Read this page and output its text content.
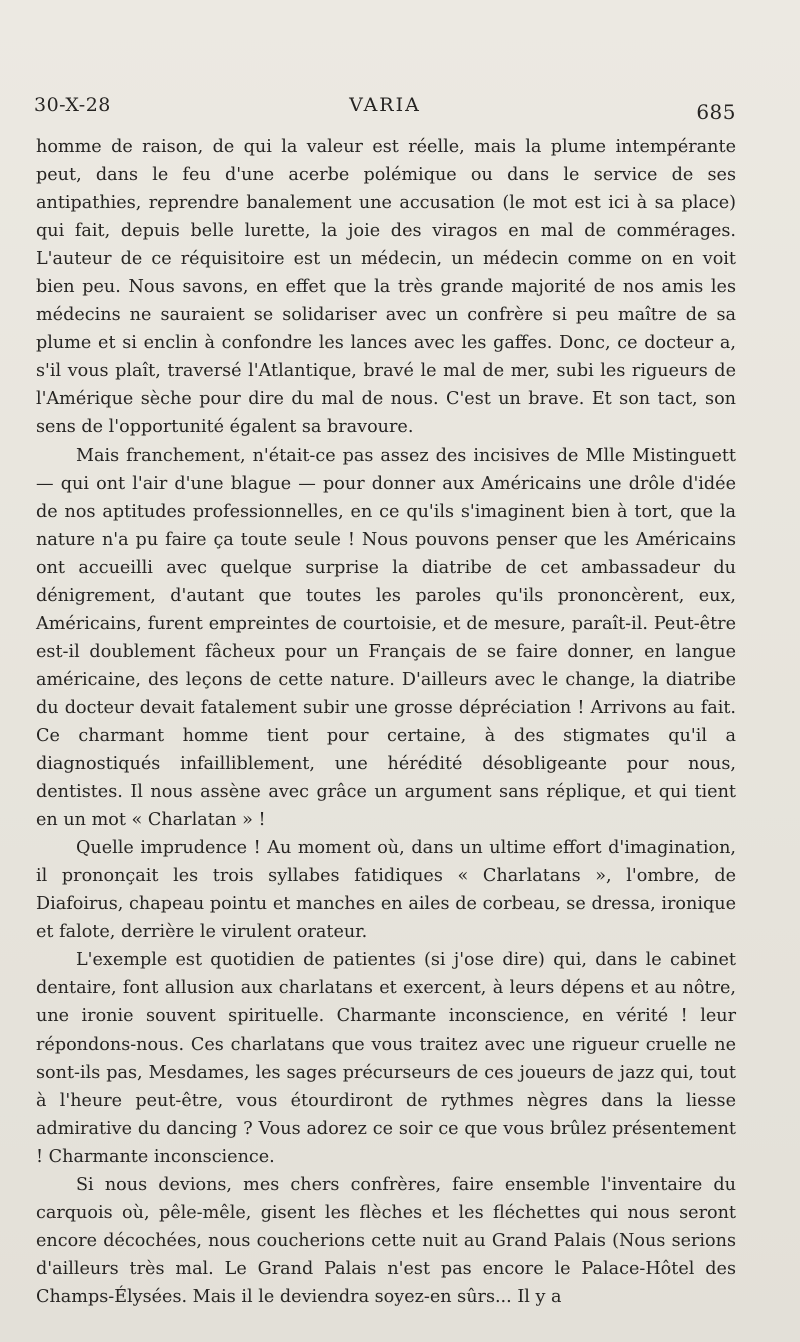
30-X-28	VARIA	685

homme de raison, de qui la valeur est réelle, mais la plume intempérante peut, dans le feu d'une acerbe polémique ou dans le service de ses antipathies, reprendre banalement une accusation (le mot est ici à sa place) qui fait, depuis belle lurette, la joie des viragos en mal de commérages. L'auteur de ce réquisitoire est un médecin, un médecin comme on en voit bien peu. Nous savons, en effet que la très grande majorité de nos amis les médecins ne sauraient se solidariser avec un confrère si peu maître de sa plume et si enclin à confondre les lances avec les gaffes. Donc, ce docteur a, s'il vous plaît, traversé l'Atlantique, bravé le mal de mer, subi les rigueurs de l'Amérique sèche pour dire du mal de nous. C'est un brave. Et son tact, son sens de l'opportunité égalent sa bravoure.

Mais franchement, n'était-ce pas assez des incisives de Mlle Mistinguett — qui ont l'air d'une blague — pour donner aux Américains une drôle d'idée de nos aptitudes professionnelles, en ce qu'ils s'imaginent bien à tort, que la nature n'a pu faire ça toute seule ! Nous pouvons penser que les Américains ont accueilli avec quelque surprise la diatribe de cet ambassadeur du dénigrement, d'autant que toutes les paroles qu'ils prononcèrent, eux, Américains, furent empreintes de courtoisie, et de mesure, paraît-il. Peut-être est-il doublement fâcheux pour un Français de se faire donner, en langue américaine, des leçons de cette nature. D'ailleurs avec le change, la diatribe du docteur devait fatalement subir une grosse dépréciation ! Arrivons au fait. Ce charmant homme tient pour certaine, à des stigmates qu'il a diagnostiqués infailliblement, une hérédité désobligeante pour nous, dentistes. Il nous assène avec grâce un argument sans réplique, et qui tient en un mot « Charlatan » !

Quelle imprudence ! Au moment où, dans un ultime effort d'imagination, il prononçait les trois syllabes fatidiques « Charlatans », l'ombre, de Diafoirus, chapeau pointu et manches en ailes de corbeau, se dressa, ironique et falote, derrière le virulent orateur.

L'exemple est quotidien de patientes (si j'ose dire) qui, dans le cabinet dentaire, font allusion aux charlatans et exercent, à leurs dépens et au nôtre, une ironie souvent spirituelle. Charmante inconscience, en vérité ! leur répondons-nous. Ces charlatans que vous traitez avec une rigueur cruelle ne sont-ils pas, Mesdames, les sages précurseurs de ces joueurs de jazz qui, tout à l'heure peut-être, vous étourdiront de rythmes nègres dans la liesse admirative du dancing ? Vous adorez ce soir ce que vous brûlez présentement ! Charmante inconscience.

Si nous devions, mes chers confrères, faire ensemble l'inventaire du carquois où, pêle-mêle, gisent les flèches et les fléchettes qui nous seront encore décochées, nous coucherions cette nuit au Grand Palais (Nous serions d'ailleurs très mal. Le Grand Palais n'est pas encore le Palace-Hôtel des Champs-Élysées. Mais il le deviendra soyez-en sûrs... Il y a
